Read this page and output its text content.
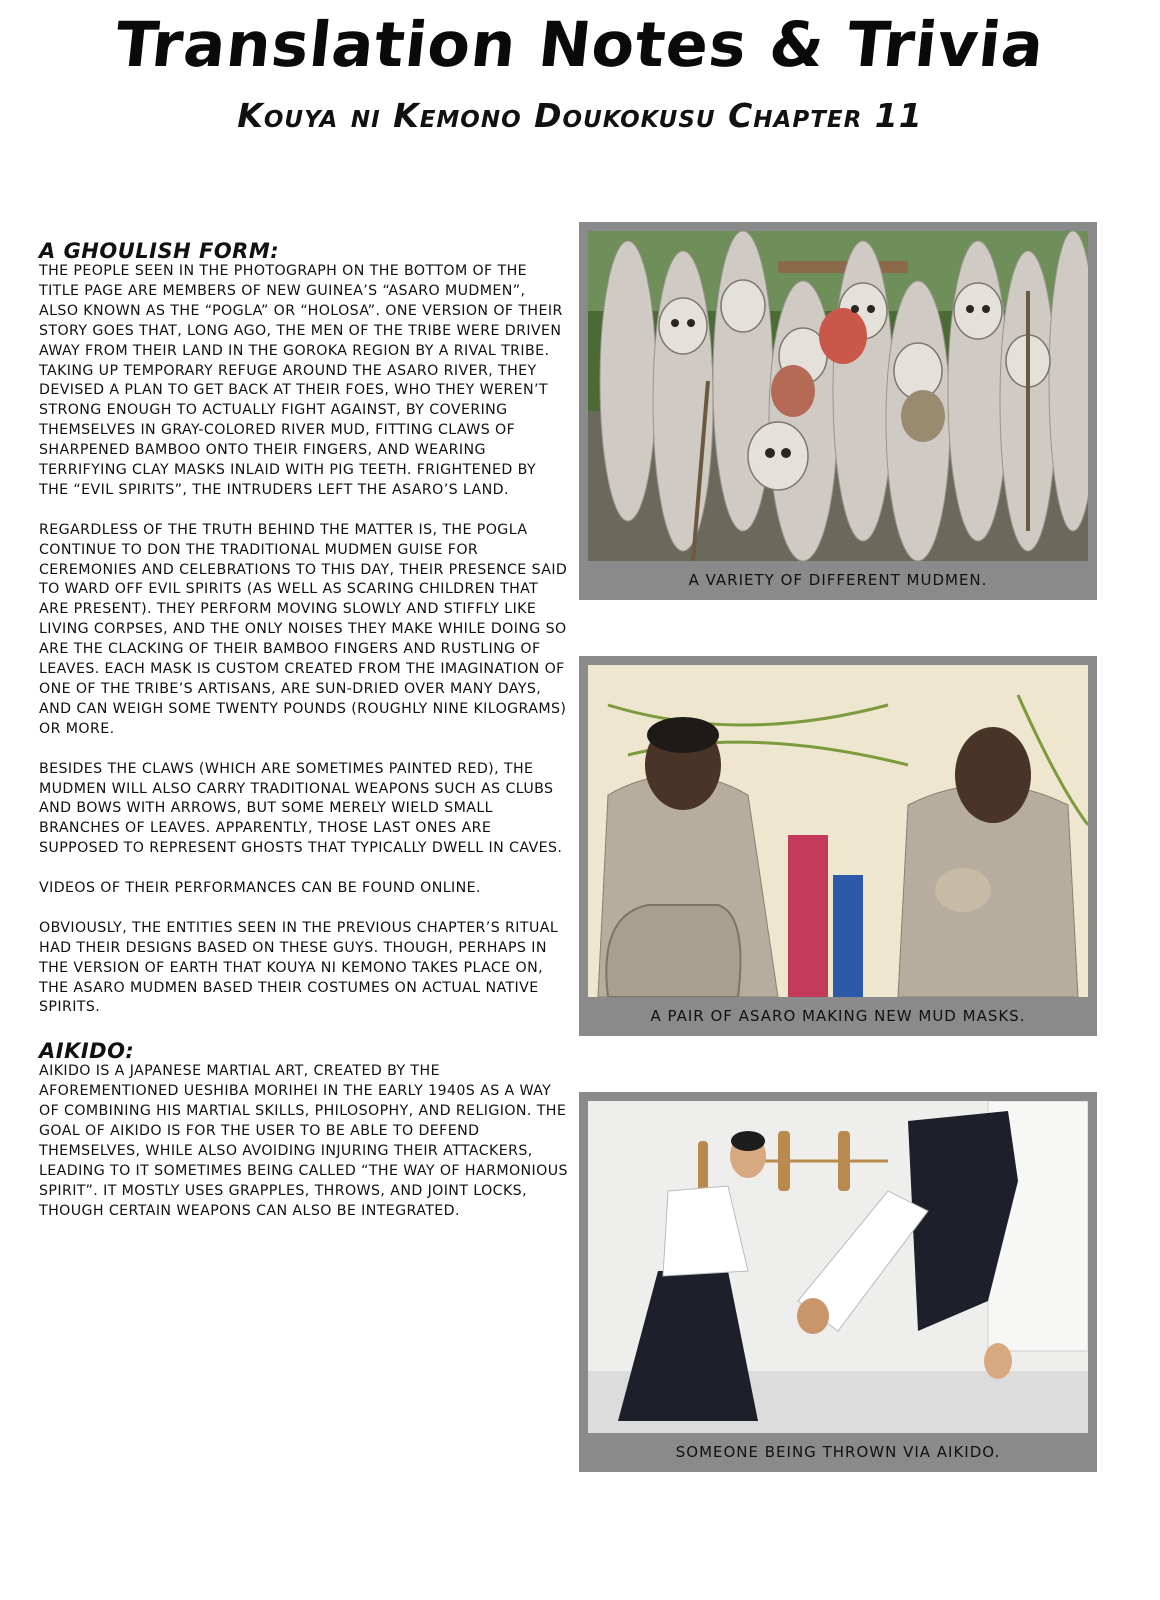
Translation Notes & Trivia
Kouya ni Kemono Doukokusu Chapter 11
A GHOULISH FORM:

THE PEOPLE SEEN IN THE PHOTOGRAPH ON THE BOTTOM OF THE TITLE PAGE ARE MEMBERS OF NEW GUINEA’S “ASARO MUDMEN”, ALSO KNOWN AS THE “POGLA” OR “HOLOSA”. ONE VERSION OF THEIR STORY GOES THAT, LONG AGO, THE MEN OF THE TRIBE WERE DRIVEN AWAY FROM THEIR LAND IN THE GOROKA REGION BY A RIVAL TRIBE. TAKING UP TEMPORARY REFUGE AROUND THE ASARO RIVER, THEY DEVISED A PLAN TO GET BACK AT THEIR FOES, WHO THEY WEREN’T STRONG ENOUGH TO ACTUALLY FIGHT AGAINST, BY COVERING THEMSELVES IN GRAY-COLORED RIVER MUD, FITTING CLAWS OF SHARPENED BAMBOO ONTO THEIR FINGERS, AND WEARING TERRIFYING CLAY MASKS INLAID WITH PIG TEETH. FRIGHTENED BY THE “EVIL SPIRITS”, THE INTRUDERS LEFT THE ASARO’S LAND.

REGARDLESS OF THE TRUTH BEHIND THE MATTER IS, THE POGLA CONTINUE TO DON THE TRADITIONAL MUDMEN GUISE FOR CEREMONIES AND CELEBRATIONS TO THIS DAY, THEIR PRESENCE SAID TO WARD OFF EVIL SPIRITS (AS WELL AS SCARING CHILDREN THAT ARE PRESENT). THEY PERFORM MOVING SLOWLY AND STIFFLY LIKE LIVING CORPSES, AND THE ONLY NOISES THEY MAKE WHILE DOING SO ARE THE CLACKING OF THEIR BAMBOO FINGERS AND RUSTLING OF LEAVES. EACH MASK IS CUSTOM CREATED FROM THE IMAGINATION OF ONE OF THE TRIBE’S ARTISANS, ARE SUN-DRIED OVER MANY DAYS, AND CAN WEIGH SOME TWENTY POUNDS (ROUGHLY NINE KILOGRAMS) OR MORE.

BESIDES THE CLAWS (WHICH ARE SOMETIMES PAINTED RED), THE MUDMEN WILL ALSO CARRY TRADITIONAL WEAPONS SUCH AS CLUBS AND BOWS WITH ARROWS, BUT SOME MERELY WIELD SMALL BRANCHES OF LEAVES. APPARENTLY, THOSE LAST ONES ARE SUPPOSED TO REPRESENT GHOSTS THAT TYPICALLY DWELL IN CAVES.

VIDEOS OF THEIR PERFORMANCES CAN BE FOUND ONLINE.

OBVIOUSLY, THE ENTITIES SEEN IN THE PREVIOUS CHAPTER’S RITUAL HAD THEIR DESIGNS BASED ON THESE GUYS. THOUGH, PERHAPS IN THE VERSION OF EARTH THAT KOUYA NI KEMONO TAKES PLACE ON, THE ASARO MUDMEN BASED THEIR COSTUMES ON ACTUAL NATIVE SPIRITS.

AIKIDO:

AIKIDO IS A JAPANESE MARTIAL ART, CREATED BY THE AFOREMENTIONED UESHIBA MORIHEI IN THE EARLY 1940S AS A WAY OF COMBINING HIS MARTIAL SKILLS, PHILOSOPHY, AND RELIGION. THE GOAL OF AIKIDO IS FOR THE USER TO BE ABLE TO DEFEND THEMSELVES, WHILE ALSO AVOIDING INJURING THEIR ATTACKERS, LEADING TO IT SOMETIMES BEING CALLED “THE WAY OF HARMONIOUS SPIRIT”. IT MOSTLY USES GRAPPLES, THROWS, AND JOINT LOCKS, THOUGH CERTAIN WEAPONS CAN ALSO BE INTEGRATED.

A VARIETY OF DIFFERENT MUDMEN.
A PAIR OF ASARO MAKING NEW MUD MASKS.
SOMEONE BEING THROWN VIA AIKIDO.
